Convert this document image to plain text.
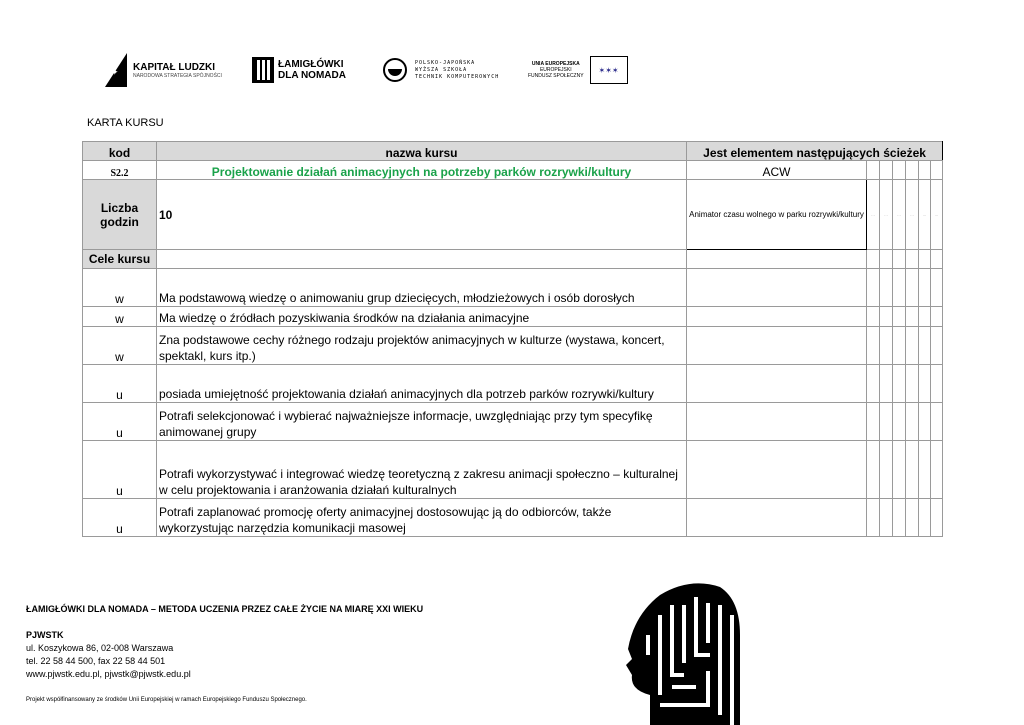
✦ KAPITAŁ LUDZKI
NARODOWA STRATEGIA SPÓJNOŚCI
ŁAMIGŁÓWKI
DLA NOMADA
POLSKO-JAPOŃSKA
WYŻSZA SZKOŁA
TECHNIK KOMPUTEROWYCH
UNIA EUROPEJSKA
EUROPEJSKI
FUNDUSZ SPOŁECZNY
✶✶✶
KARTA KURSU
kod	nazwa kursu	Jest elementem następujących ścieżek						
S2.2	Projektowanie działań animacyjnych na potrzeby parków rozrywki/kultury	ACW						
Liczba godzin	10	Animator czasu wolnego w parku rozrywki/kultury	…	…	…	…	…	…
Cele kursu								
w	Ma podstawową wiedzę o animowaniu grup dziecięcych, młodzieżowych i osób dorosłych							
w	Ma wiedzę o źródłach pozyskiwania środków na działania animacyjne							
w	Zna podstawowe cechy różnego rodzaju projektów animacyjnych w kulturze (wystawa, koncert, spektakl, kurs itp.)							
u	posiada umiejętność projektowania działań animacyjnych dla potrzeb parków rozrywki/kultury							
u	Potrafi selekcjonować i wybierać najważniejsze informacje, uwzględniając przy tym specyfikę animowanej grupy							
u	Potrafi wykorzystywać i integrować wiedzę teoretyczną z zakresu animacji społeczno – kulturalnej w celu projektowania i aranżowania działań kulturalnych							
u	Potrafi zaplanować promocję oferty animacyjnej dostosowując ją do odbiorców, także wykorzystując narzędzia komunikacji masowej							
ŁAMIGŁÓWKI DLA NOMADA – METODA UCZENIA PRZEZ CAŁE ŻYCIE NA MIARĘ XXI WIEKU
PJWSTK
ul. Koszykowa 86, 02-008 Warszawa
tel. 22 58 44 500, fax 22 58 44 501
www.pjwstk.edu.pl, pjwstk@pjwstk.edu.pl
Projekt współfinansowany ze środków Unii Europejskiej w ramach Europejskiego Funduszu Społecznego.
